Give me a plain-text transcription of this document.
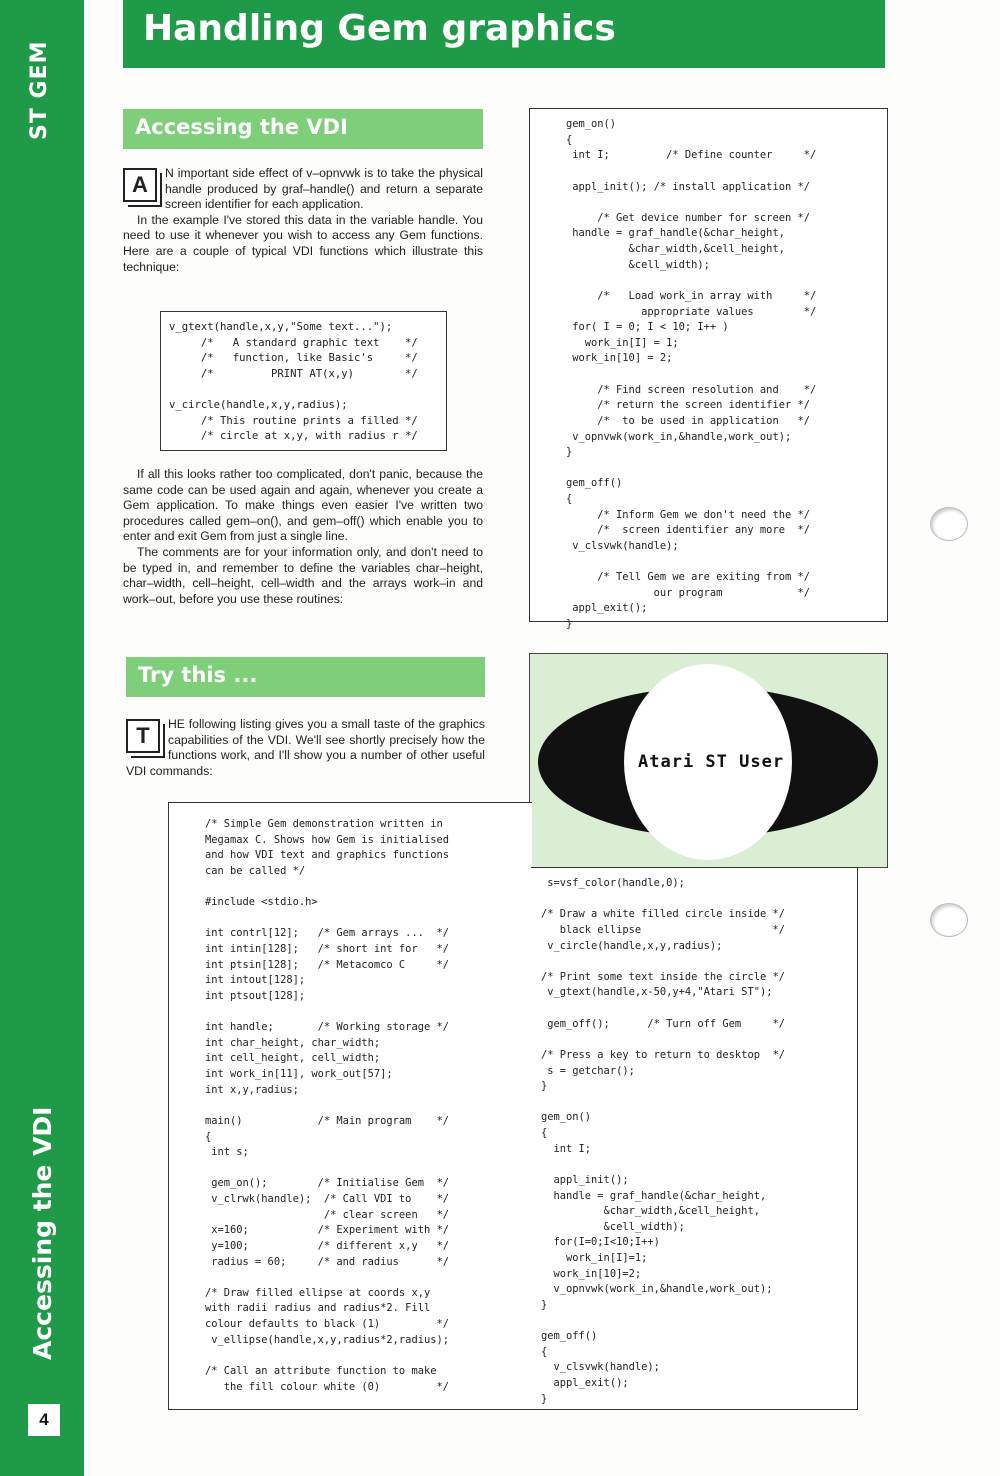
ST GEM
Accessing the VDI
4
Handling Gem graphics
Accessing the VDI

A	N important side effect of v–opnvwk is to take the physical handle produced by graf–handle() and return a separate screen identifier for each application.

In the example I've stored this data in the variable handle. You need to use it whenever you wish to access any Gem functions. Here are a couple of typical VDI functions which illustrate this technique:

v_gtext(handle,x,y,"Some text...");
/*   A standard graphic text    */
/*   function, like Basic's     */
/*         PRINT AT(x,y)        */

v_circle(handle,x,y,radius);
/* This routine prints a filled */
/* circle at x,y, with radius r */

If all this looks rather too complicated, don't panic, because the same code can be used again and again, whenever you create a Gem application. To make things even easier I've written two procedures called gem–on(), and gem–off() which enable you to enter and exit Gem from just a single line.

The comments are for your information only, and don't need to be typed in, and remember to define the variables char–height, char–width, cell–height, cell–width and the arrays work–in and work–out, before you use these routines:

gem_on()
{
int I;         /* Define counter     */

appl_init(); /* install application */

/* Get device number for screen */
handle = graf_handle(&char_height,
&char_width,&cell_height,
&cell_width);

/*   Load work_in array with     */
appropriate values        */
for( I = 0; I < 10; I++ )
work_in[I] = 1;
work_in[10] = 2;

/* Find screen resolution and    */
/* return the screen identifier */
/*  to be used in application   */
v_opnvwk(work_in,&handle,work_out);
}

gem_off()
{
/* Inform Gem we don't need the */
/*  screen identifier any more  */
v_clsvwk(handle);

/* Tell Gem we are exiting from */
our program            */
appl_exit();
}
Try this ...

T	HE following listing gives you a small taste of the graphics capabilities of the VDI. We'll see shortly precisely how the functions work, and I'll show you a number of other useful VDI commands:	Atari ST User
/* Simple Gem demonstration written in
Megamax C. Shows how Gem is initialised
and how VDI text and graphics functions
can be called */

#include <stdio.h>

int contrl[12];   /* Gem arrays ...  */
int intin[128];   /* short int for   */
int ptsin[128];   /* Metacomco C     */
int intout[128];
int ptsout[128];

int handle;       /* Working storage */
int char_height, char_width;
int cell_height, cell_width;
int work_in[11], work_out[57];
int x,y,radius;

main()            /* Main program    */
{
int s;

gem_on();        /* Initialise Gem  */
v_clrwk(handle);  /* Call VDI to    */
/* clear screen   */
x=160;           /* Experiment with */
y=100;           /* different x,y   */
radius = 60;     /* and radius      */

/* Draw filled ellipse at coords x,y
with radii radius and radius*2. Fill
colour defaults to black (1)         */
v_ellipse(handle,x,y,radius*2,radius);

/* Call an attribute function to make
the fill colour white (0)         */
s=vsf_color(handle,0);

/* Draw a white filled circle inside */
black ellipse                     */
v_circle(handle,x,y,radius);

/* Print some text inside the circle */
v_gtext(handle,x-50,y+4,"Atari ST");

gem_off();      /* Turn off Gem     */

/* Press a key to return to desktop  */
s = getchar();
}

gem_on()
{
int I;

appl_init();
handle = graf_handle(&char_height,
&char_width,&cell_height,
&cell_width);
for(I=0;I<10;I++)
work_in[I]=1;
work_in[10]=2;
v_opnvwk(work_in,&handle,work_out);
}

gem_off()
{
v_clsvwk(handle);
appl_exit();
}
